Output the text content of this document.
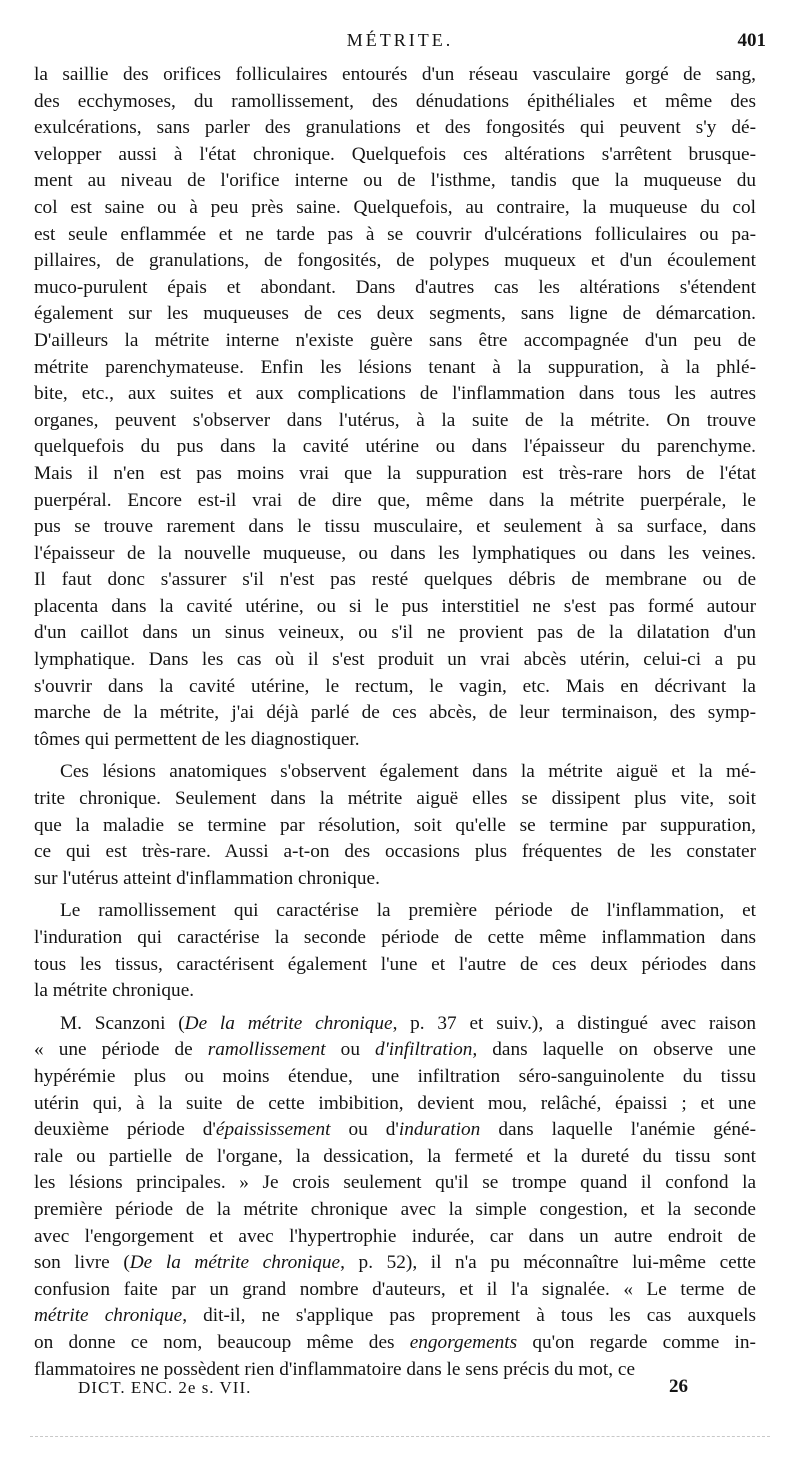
MÉTRITE.	401
la saillie des orifices folliculaires entourés d'un réseau vasculaire gorgé de sang,
des ecchymoses, du ramollissement, des dénudations épithéliales et même des
exulcérations, sans parler des granulations et des fongosités qui peuvent s'y dé-
velopper aussi à l'état chronique. Quelquefois ces altérations s'arrêtent brusque-
ment au niveau de l'orifice interne ou de l'isthme, tandis que la muqueuse du
col est saine ou à peu près saine. Quelquefois, au contraire, la muqueuse du col
est seule enflammée et ne tarde pas à se couvrir d'ulcérations folliculaires ou pa-
pillaires, de granulations, de fongosités, de polypes muqueux et d'un écoulement
muco-purulent épais et abondant. Dans d'autres cas les altérations s'étendent
également sur les muqueuses de ces deux segments, sans ligne de démarcation.
D'ailleurs la métrite interne n'existe guère sans être accompagnée d'un peu de
métrite parenchymateuse. Enfin les lésions tenant à la suppuration, à la phlé-
bite, etc., aux suites et aux complications de l'inflammation dans tous les autres
organes, peuvent s'observer dans l'utérus, à la suite de la métrite. On trouve
quelquefois du pus dans la cavité utérine ou dans l'épaisseur du parenchyme.
Mais il n'en est pas moins vrai que la suppuration est très-rare hors de l'état
puerpéral. Encore est-il vrai de dire que, même dans la métrite puerpérale, le
pus se trouve rarement dans le tissu musculaire, et seulement à sa surface, dans
l'épaisseur de la nouvelle muqueuse, ou dans les lymphatiques ou dans les veines.
Il faut donc s'assurer s'il n'est pas resté quelques débris de membrane ou de
placenta dans la cavité utérine, ou si le pus interstitiel ne s'est pas formé autour
d'un caillot dans un sinus veineux, ou s'il ne provient pas de la dilatation d'un
lymphatique. Dans les cas où il s'est produit un vrai abcès utérin, celui-ci a pu
s'ouvrir dans la cavité utérine, le rectum, le vagin, etc. Mais en décrivant la
marche de la métrite, j'ai déjà parlé de ces abcès, de leur terminaison, des symp-
tômes qui permettent de les diagnostiquer.
Ces lésions anatomiques s'observent également dans la métrite aiguë et la mé-
trite chronique. Seulement dans la métrite aiguë elles se dissipent plus vite, soit
que la maladie se termine par résolution, soit qu'elle se termine par suppuration,
ce qui est très-rare. Aussi a-t-on des occasions plus fréquentes de les constater
sur l'utérus atteint d'inflammation chronique.
Le ramollissement qui caractérise la première période de l'inflammation, et
l'induration qui caractérise la seconde période de cette même inflammation dans
tous les tissus, caractérisent également l'une et l'autre de ces deux périodes dans
la métrite chronique.
M. Scanzoni (De la métrite chronique, p. 37 et suiv.), a distingué avec raison
« une période de ramollissement ou d'infiltration, dans laquelle on observe une
hypérémie plus ou moins étendue, une infiltration séro-sanguinolente du tissu
utérin qui, à la suite de cette imbibition, devient mou, relâché, épaissi ; et une
deuxième période d'épaississement ou d'induration dans laquelle l'anémie géné-
rale ou partielle de l'organe, la dessication, la fermeté et la dureté du tissu sont
les lésions principales. » Je crois seulement qu'il se trompe quand il confond la
première période de la métrite chronique avec la simple congestion, et la seconde
avec l'engorgement et avec l'hypertrophie indurée, car dans un autre endroit de
son livre (De la métrite chronique, p. 52), il n'a pu méconnaître lui-même cette
confusion faite par un grand nombre d'auteurs, et il l'a signalée. « Le terme de
métrite chronique, dit-il, ne s'applique pas proprement à tous les cas auxquels
on donne ce nom, beaucoup même des engorgements qu'on regarde comme in-
flammatoires ne possèdent rien d'inflammatoire dans le sens précis du mot, ce
DICT. ENC. 2e s. VII.	26
